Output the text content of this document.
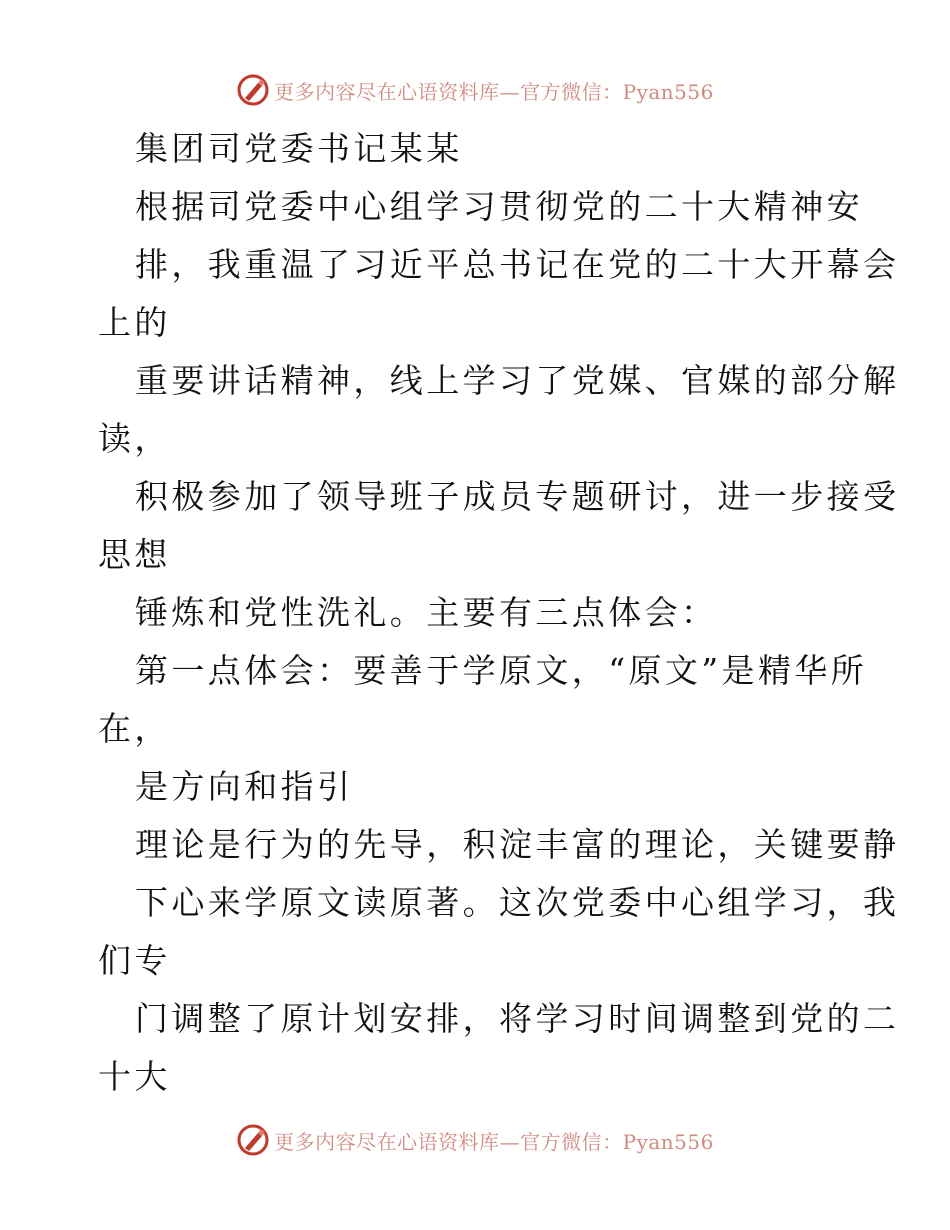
更多内容尽在心语资料库—官方微信：Pyan556
集团司党委书记某某
根据司党委中心组学习贯彻党的二十大精神安
排，我重温了习近平总书记在党的二十大开幕会
上的
重要讲话精神，线上学习了党媒、官媒的部分解
读，
积极参加了领导班子成员专题研讨，进一步接受
思想
锤炼和党性洗礼。主要有三点体会：
第一点体会：要善于学原文，“原文”是精华所
在，
是方向和指引
理论是行为的先导，积淀丰富的理论，关键要静
下心来学原文读原著。这次党委中心组学习，我
们专
门调整了原计划安排，将学习时间调整到党的二
十大
更多内容尽在心语资料库—官方微信：Pyan556
